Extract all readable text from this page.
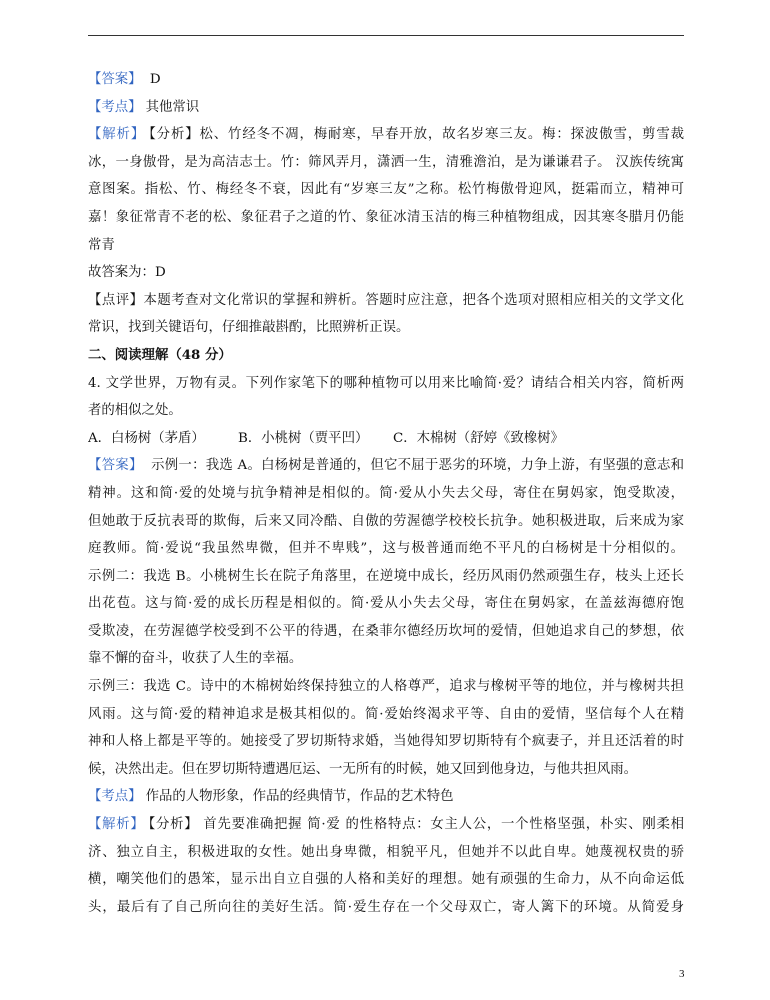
【答案】 D
【考点】 其他常识
【解析】 【分析】松、竹经冬不凋，梅耐寒，早春开放，故名岁寒三友。梅：探波傲雪，剪雪裁
冰，一身傲骨，是为高洁志士。竹：筛风弄月，潇洒一生，清雅澹泊，是为谦谦君子。 汉族传统寓
意图案。指松、竹、梅经冬不衰，因此有“岁寒三友”之称。松竹梅傲骨迎风，挺霜而立，精神可
嘉！象征常青不老的松、象征君子之道的竹、象征冰清玉洁的梅三种植物组成，因其寒冬腊月仍能
常青
故答案为：D
【点评】本题考查对文化常识的掌握和辨析。答题时应注意，把各个选项对照相应相关的文学文化
常识，找到关键语句，仔细推敲斟酌，比照辨析正误。
二、阅读理解（48 分）
4. 文学世界，万物有灵。下列作家笔下的哪种植物可以用来比喻简·爱？请结合相关内容，简析两
者的相似之处。
A．白杨树（茅盾） B．小桃树（贾平凹） C．木棉树（舒婷《致橡树》
【答案】 示例一：我选 A。白杨树是普通的，但它不屈于恶劣的环境，力争上游，有坚强的意志和
精神。这和简·爱的处境与抗争精神是相似的。简·爱从小失去父母，寄住在舅妈家，饱受欺凌，
但她敢于反抗表哥的欺侮，后来又同冷酷、自傲的劳渥德学校校长抗争。她积极进取，后来成为家
庭教师。简·爱说“我虽然卑微，但并不卑贱”，这与极普通而绝不平凡的白杨树是十分相似的。
示例二：我选 B。小桃树生长在院子角落里，在逆境中成长，经历风雨仍然顽强生存，枝头上还长
出花苞。这与简·爱的成长历程是相似的。简·爱从小失去父母，寄住在舅妈家，在盖兹海德府饱
受欺凌，在劳渥德学校受到不公平的待遇，在桑菲尔德经历坎坷的爱情，但她追求自己的梦想，依
靠不懈的奋斗，收获了人生的幸福。
示例三：我选 C。诗中的木棉树始终保持独立的人格尊严，追求与橡树平等的地位，并与橡树共担
风雨。这与简·爱的精神追求是极其相似的。简·爱始终渴求平等、自由的爱情，坚信每个人在精
神和人格上都是平等的。她接受了罗切斯特求婚，当她得知罗切斯特有个疯妻子，并且还活着的时
候，决然出走。但在罗切斯特遭遇厄运、一无所有的时候，她又回到他身边，与他共担风雨。
【考点】 作品的人物形象，作品的经典情节，作品的艺术特色
【解析】 【分析】 首先要准确把握 简·爱 的性格特点：女主人公，一个性格坚强，朴实、刚柔相
济、独立自主，积极进取的女性。她出身卑微，相貌平凡，但她并不以此自卑。她蔑视权贵的骄
横，嘲笑他们的愚笨，显示出自立自强的人格和美好的理想。她有顽强的生命力，从不向命运低
头，最后有了自己所向往的美好生活。简·爱生存在一个父母双亡，寄人篱下的环境。从简爱身
3
